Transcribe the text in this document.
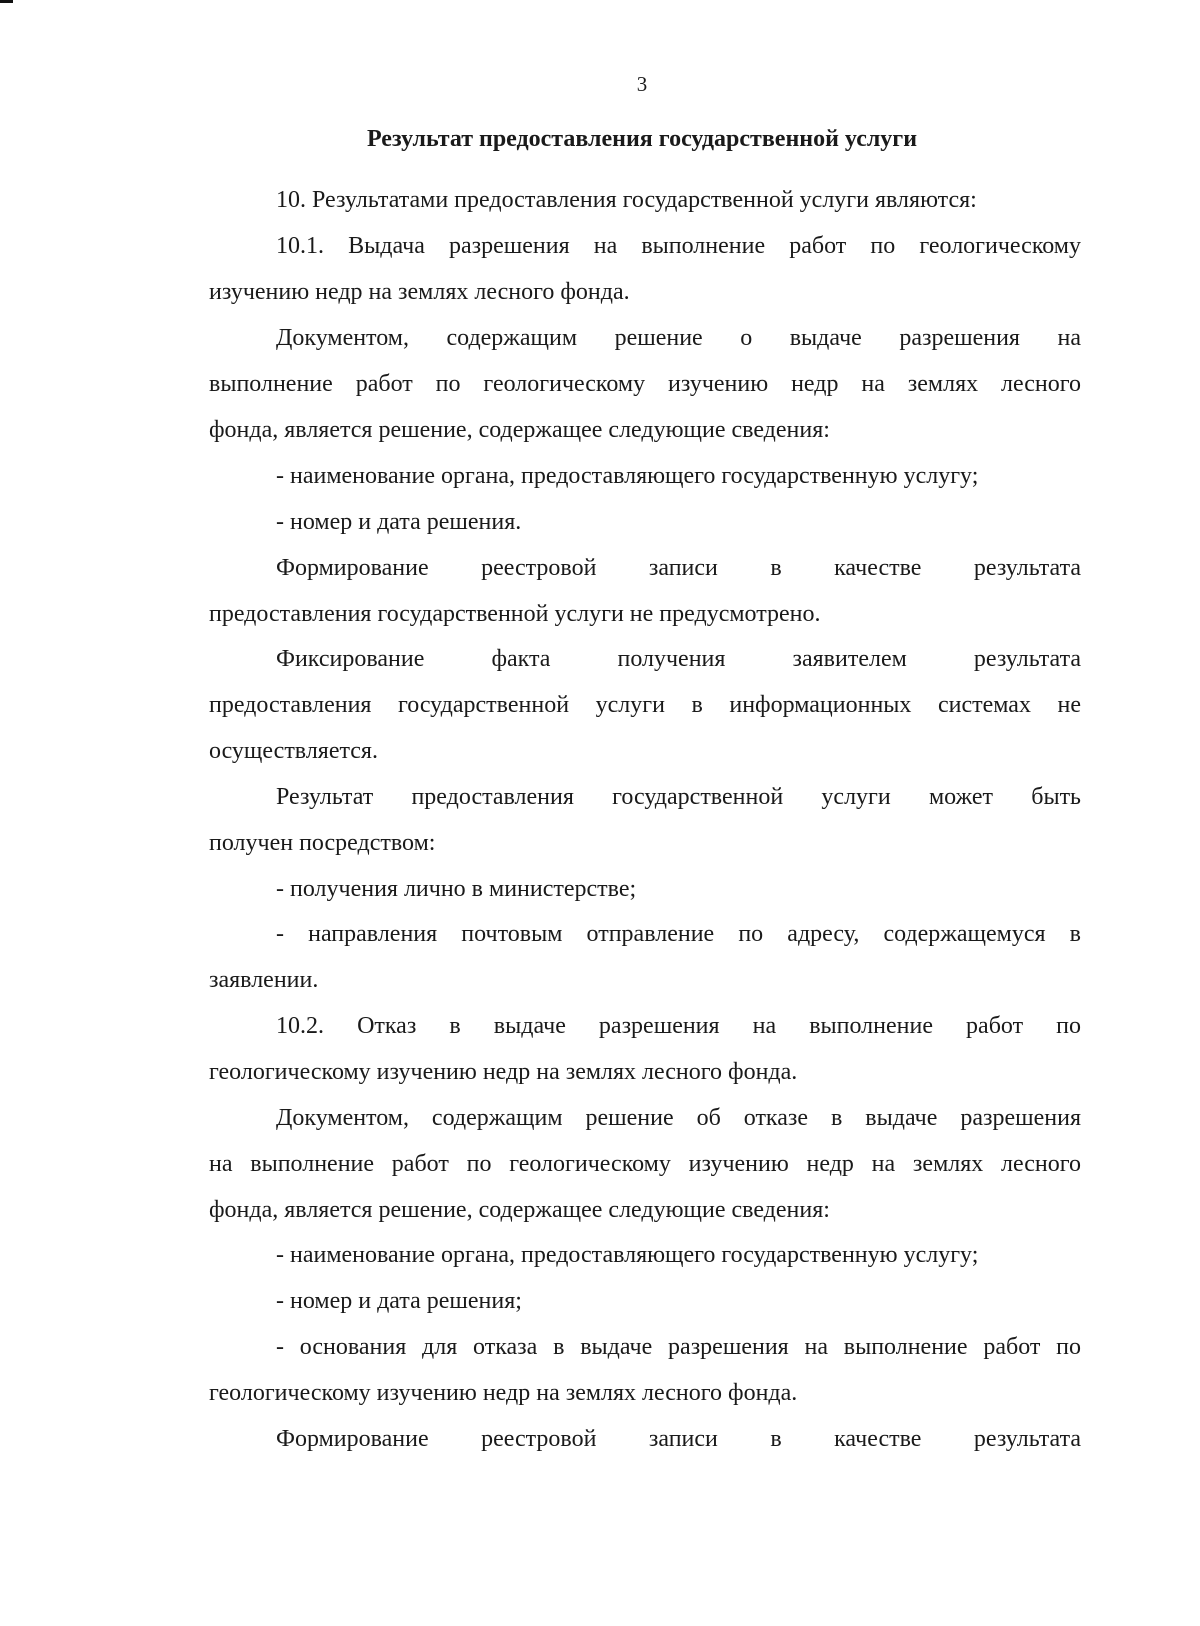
3
Результат предоставления государственной услуги
10. Результатами предоставления государственной услуги являются:
10.1. Выдача разрешения на выполнение работ по геологическому
изучению недр на землях лесного фонда.
Документом, содержащим решение о выдаче разрешения на
выполнение работ по геологическому изучению недр на землях лесного
фонда, является решение, содержащее следующие сведения:
- наименование органа, предоставляющего государственную услугу;
- номер и дата решения.
Формирование реестровой записи в качестве результата
предоставления государственной услуги не предусмотрено.
Фиксирование факта получения заявителем результата
предоставления государственной услуги в информационных системах не
осуществляется.
Результат предоставления государственной услуги может быть
получен посредством:
- получения лично в министерстве;
- направления почтовым отправление по адресу, содержащемуся в
заявлении.
10.2. Отказ в выдаче разрешения на выполнение работ по
геологическому изучению недр на землях лесного фонда.
Документом, содержащим решение об отказе в выдаче разрешения
на выполнение работ по геологическому изучению недр на землях лесного
фонда, является решение, содержащее следующие сведения:
- наименование органа, предоставляющего государственную услугу;
- номер и дата решения;
- основания для отказа в выдаче разрешения на выполнение работ по
геологическому изучению недр на землях лесного фонда.
Формирование реестровой записи в качестве результата
